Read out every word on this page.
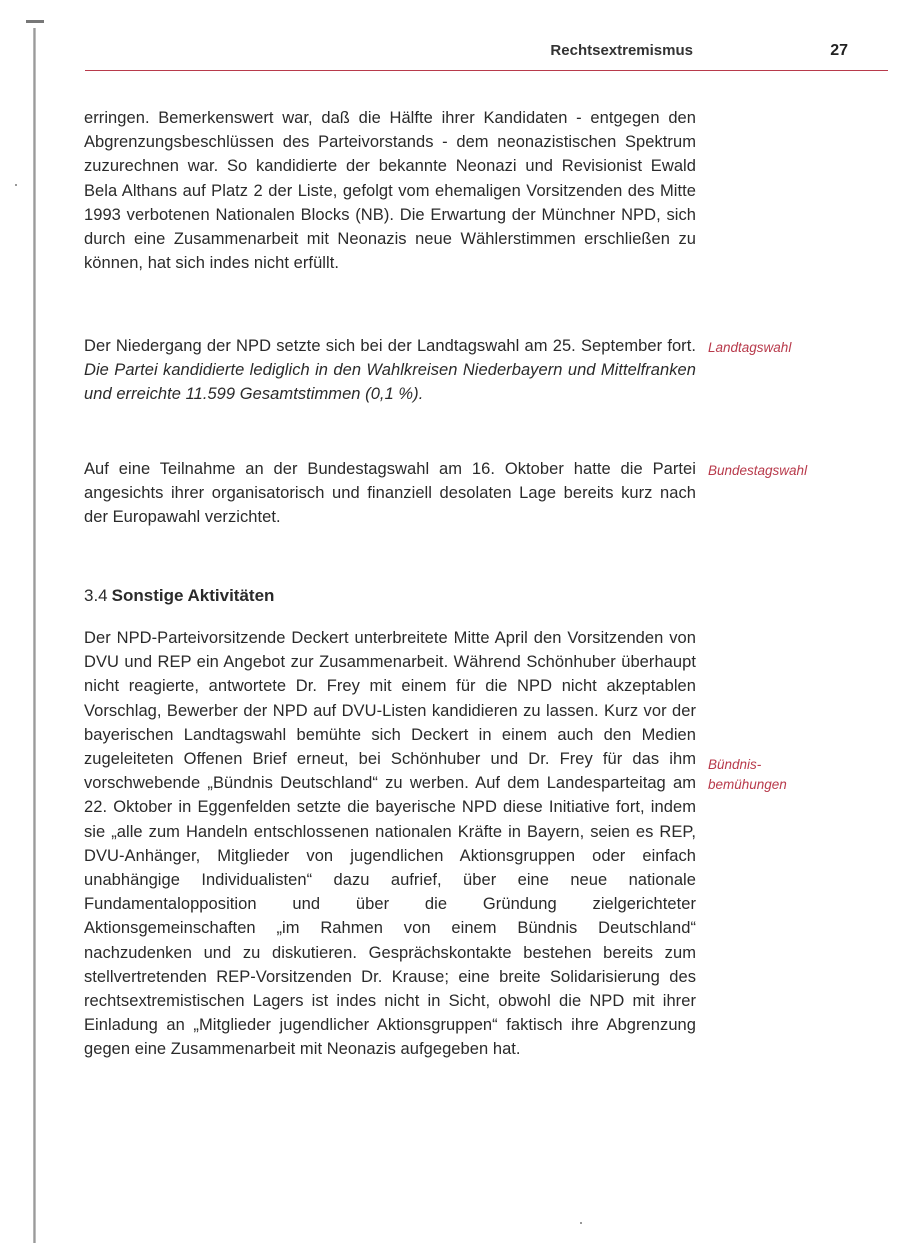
Rechtsextremismus	27

erringen. Bemerkenswert war, daß die Hälfte ihrer Kandidaten - entgegen den Abgrenzungsbeschlüssen des Parteivorstands - dem neonazistischen Spektrum zuzurechnen war. So kandidierte der bekannte Neonazi und Revisionist Ewald Bela Althans auf Platz 2 der Liste, gefolgt vom ehemaligen Vorsitzenden des Mitte 1993 verbotenen Nationalen Blocks (NB). Die Erwartung der Münchner NPD, sich durch eine Zusammenarbeit mit Neonazis neue Wählerstimmen erschließen zu können, hat sich indes nicht erfüllt.

Der Niedergang der NPD setzte sich bei der Landtagswahl am 25. September fort. Die Partei kandidierte lediglich in den Wahlkreisen Niederbayern und Mittelfranken und erreichte 11.599 Gesamtstimmen (0,1 %).

Landtagswahl

Auf eine Teilnahme an der Bundestagswahl am 16. Oktober hatte die Partei angesichts ihrer organisatorisch und finanziell desolaten Lage bereits kurz nach der Europawahl verzichtet.

Bundestagswahl

3.4 Sonstige Aktivitäten

Der NPD-Parteivorsitzende Deckert unterbreitete Mitte April den Vorsitzenden von DVU und REP ein Angebot zur Zusammenarbeit. Während Schönhuber überhaupt nicht reagierte, antwortete Dr. Frey mit einem für die NPD nicht akzeptablen Vorschlag, Bewerber der NPD auf DVU-Listen kandidieren zu lassen. Kurz vor der bayerischen Landtagswahl bemühte sich Deckert in einem auch den Medien zugeleiteten Offenen Brief erneut, bei Schönhuber und Dr. Frey für das ihm vorschwebende „Bündnis Deutschland“ zu werben. Auf dem Landesparteitag am 22. Oktober in Eggenfelden setzte die bayerische NPD diese Initiative fort, indem sie „alle zum Handeln entschlossenen nationalen Kräfte in Bayern, seien es REP, DVU-Anhänger, Mitglieder von jugendlichen Aktionsgruppen oder einfach unabhängige Individualisten“ dazu aufrief, über eine neue nationale Fundamentalopposition und über die Gründung zielgerichteter Aktionsgemeinschaften „im Rahmen von einem Bündnis Deutschland“ nachzudenken und zu diskutieren. Gesprächskontakte bestehen bereits zum stellvertretenden REP-Vorsitzenden Dr. Krause; eine breite Solidarisierung des rechtsextremistischen Lagers ist indes nicht in Sicht, obwohl die NPD mit ihrer Einladung an „Mitglieder jugendlicher Aktionsgruppen“ faktisch ihre Abgrenzung gegen eine Zusammenarbeit mit Neonazis aufgegeben hat.

Bündnis-
bemühungen
